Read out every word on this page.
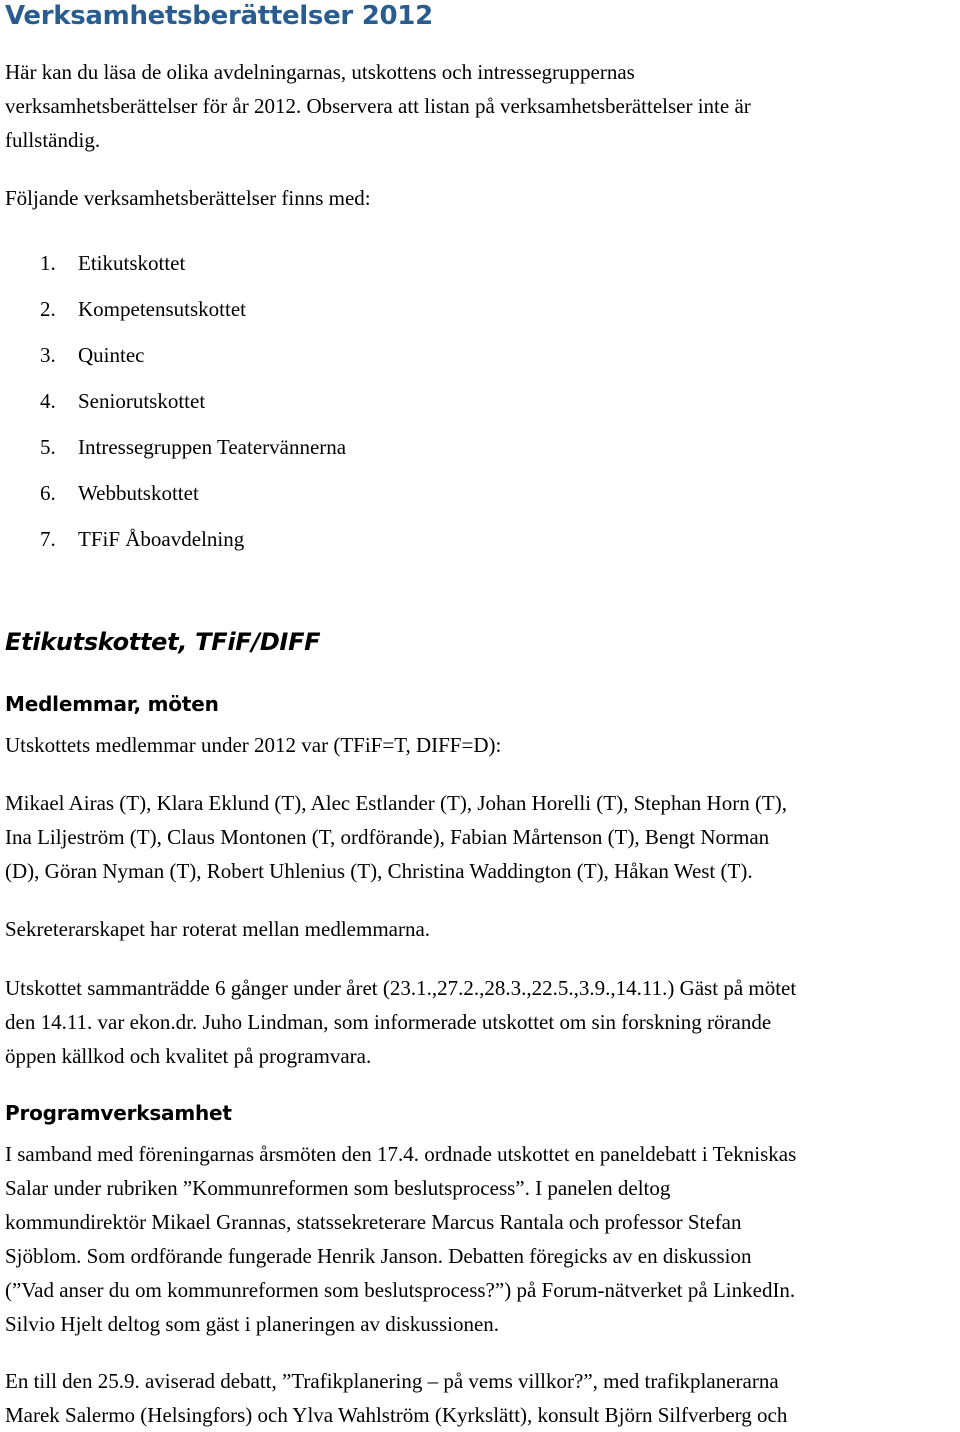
Verksamhetsberättelser 2012

Här kan du läsa de olika avdelningarnas, utskottens och intressegruppernas

verksamhetsberättelser för år 2012. Observera att listan på verksamhetsberättelser inte är

fullständig.

Följande verksamhetsberättelser finns med:

1. Etikutskottet
2. Kompetensutskottet
3. Quintec
4. Seniorutskottet
5. Intressegruppen Teatervännerna
6. Webbutskottet
7. TFiF Åboavdelning
Etikutskottet, TFiF/DIFF
Medlemmar, möten

Utskottets medlemmar under 2012 var (TFiF=T, DIFF=D):

Mikael Airas (T), Klara Eklund (T), Alec Estlander (T), Johan Horelli (T), Stephan Horn (T),

Ina Liljeström (T), Claus Montonen (T, ordförande), Fabian Mårtenson (T), Bengt Norman

(D), Göran Nyman (T), Robert Uhlenius (T), Christina Waddington (T), Håkan West (T).

Sekreterarskapet har roterat mellan medlemmarna.

Utskottet sammanträdde 6 gånger under året (23.1.,27.2.,28.3.,22.5.,3.9.,14.11.) Gäst på mötet

den 14.11. var ekon.dr. Juho Lindman, som informerade utskottet om sin forskning rörande

öppen källkod och kvalitet på programvara.

Programverksamhet

I samband med föreningarnas årsmöten den 17.4. ordnade utskottet en paneldebatt i Tekniskas

Salar under rubriken ”Kommunreformen som beslutsprocess”. I panelen deltog

kommundirektör Mikael Grannas, statssekreterare Marcus Rantala och professor Stefan

Sjöblom. Som ordförande fungerade Henrik Janson. Debatten föregicks av en diskussion

(”Vad anser du om kommunreformen som beslutsprocess?”) på Forum-nätverket på LinkedIn.

Silvio Hjelt deltog som gäst i planeringen av diskussionen.

En till den 25.9. aviserad debatt, ”Trafikplanering – på vems villkor?”, med trafikplanerarna

Marek Salermo (Helsingfors) och Ylva Wahlström (Kyrkslätt), konsult Björn Silfverberg och
